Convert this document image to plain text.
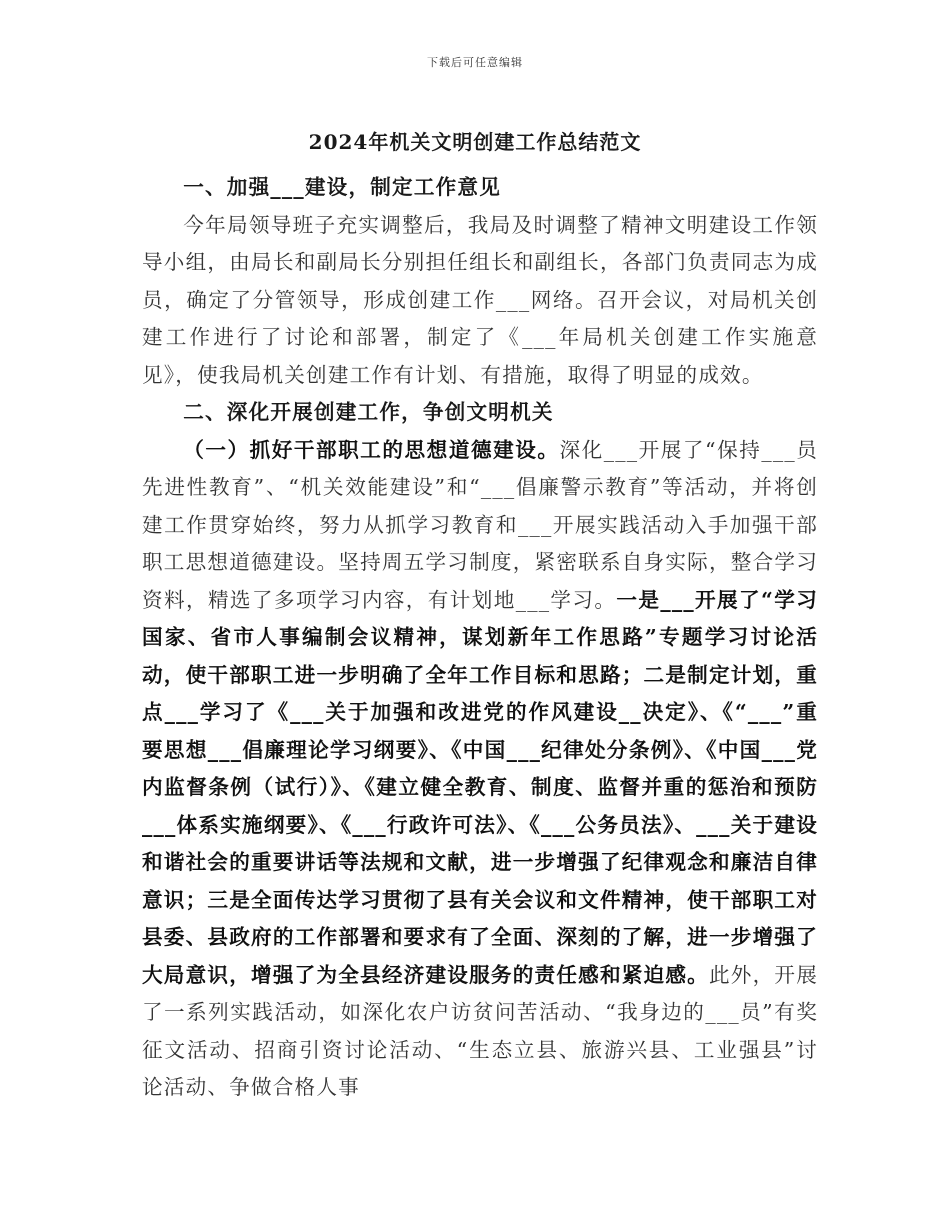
下载后可任意编辑
2024年机关文明创建工作总结范文

一、加强___建设，制定工作意见

今年局领导班子充实调整后，我局及时调整了精神文明建设工作领导小组，由局长和副局长分别担任组长和副组长，各部门负责同志为成员，确定了分管领导，形成创建工作___网络。召开会议，对局机关创建工作进行了讨论和部署，制定了《___年局机关创建工作实施意见》，使我局机关创建工作有计划、有措施，取得了明显的成效。

二、深化开展创建工作，争创文明机关

（一）抓好干部职工的思想道德建设。深化___开展了“保持___员先进性教育”、“机关效能建设”和“___倡廉警示教育”等活动，并将创建工作贯穿始终，努力从抓学习教育和___开展实践活动入手加强干部职工思想道德建设。坚持周五学习制度，紧密联系自身实际，整合学习资料，精选了多项学习内容，有计划地___学习。一是___开展了“学习国家、省市人事编制会议精神，谋划新年工作思路”专题学习讨论活动，使干部职工进一步明确了全年工作目标和思路；二是制定计划，重点___学习了《___关于加强和改进党的作风建设__决定》、《“___”重要思想___倡廉理论学习纲要》、《中国___纪律处分条例》、《中国___党内监督条例（试行）》、《建立健全教育、制度、监督并重的惩治和预防___体系实施纲要》、《___行政许可法》、《___公务员法》、___关于建设和谐社会的重要讲话等法规和文献，进一步增强了纪律观念和廉洁自律意识；三是全面传达学习贯彻了县有关会议和文件精神，使干部职工对县委、县政府的工作部署和要求有了全面、深刻的了解，进一步增强了大局意识，增强了为全县经济建设服务的责任感和紧迫感。此外，开展了一系列实践活动，如深化农户访贫问苦活动、“我身边的___员”有奖征文活动、招商引资讨论活动、“生态立县、旅游兴县、工业强县”讨论活动、争做合格人事
